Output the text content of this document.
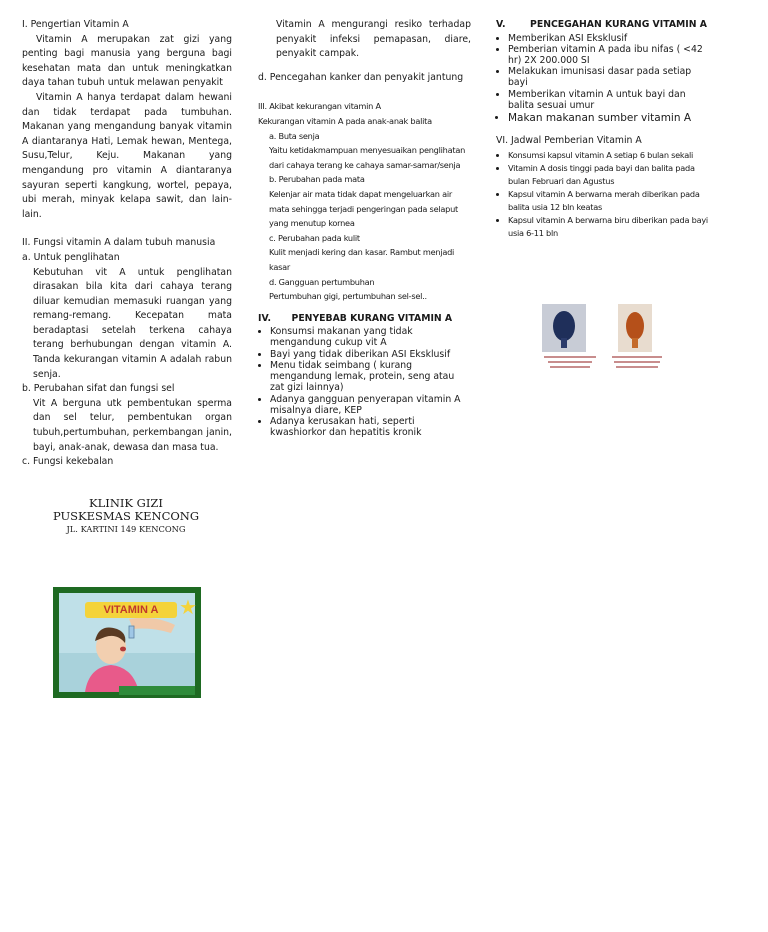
I. Pengertian Vitamin A

Vitamin A merupakan zat gizi yang penting bagi manusia yang berguna bagi kesehatan mata dan untuk meningkatkan daya tahan tubuh untuk melawan penyakit

Vitamin A hanya terdapat dalam hewani dan tidak terdapat pada tumbuhan. Makanan yang mengandung banyak vitamin A diantaranya Hati, Lemak hewan, Mentega, Susu,Telur, Keju. Makanan yang mengandung pro vitamin A diantaranya sayuran seperti kangkung, wortel, pepaya, ubi merah, minyak kelapa sawit, dan lain-lain.

II. Fungsi vitamin A dalam tubuh manusia

a. Untuk penglihatan

Kebutuhan vit A untuk penglihatan dirasakan bila kita dari cahaya terang diluar kemudian memasuki ruangan yang remang-remang. Kecepatan mata beradaptasi setelah terkena cahaya terang berhubungan dengan vitamin A. Tanda kekurangan vitamin A adalah rabun senja.

b. Perubahan sifat dan fungsi sel

Vit A berguna utk pembentukan sperma dan sel telur, pembentukan organ tubuh,pertumbuhan, perkembangan janin, bayi, anak-anak, dewasa dan masa tua.

c. Fungsi kekebalan

Vitamin A mengurangi resiko terhadap penyakit infeksi pemapasan, diare, penyakit campak.

d. Pencegahan kanker dan penyakit jantung

III. Akibat kekurangan vitamin A

Kekurangan vitamin A pada anak-anak balita

a. Buta senja

Yaitu ketidakmampuan menyesuaikan penglihatan dari cahaya terang ke cahaya samar-samar/senja

b. Perubahan pada mata

Kelenjar air mata tidak dapat mengeluarkan air mata sehingga terjadi pengeringan pada selaput yang menutup kornea

c. Perubahan pada kulit

Kulit menjadi kering dan kasar. Rambut menjadi kasar

d. Gangguan pertumbuhan

Pertumbuhan gigi, pertumbuhan sel-sel..

IV. PENYEBAB KURANG VITAMIN A

• Konsumsi makanan yang tidak mengandung cukup vit A
• Bayi yang tidak diberikan ASI Eksklusif
• Menu tidak seimbang ( kurang mengandung lemak, protein, seng atau zat gizi lainnya)
• Adanya gangguan penyerapan vitamin A misalnya diare, KEP
• Adanya kerusakan hati, seperti kwashiorkor dan hepatitis kronik

V.	PENCEGAHAN KURANG VITAMIN A

• Memberikan ASI Eksklusif
• Pemberian vitamin A pada ibu nifas ( <42 hr) 2X 200.000 SI
• Melakukan imunisasi dasar pada setiap bayi
• Memberikan vitamin A untuk bayi dan balita sesuai umur
• Makan makanan sumber vitamin A

VI. Jadwal Pemberian Vitamin A

• Konsumsi kapsul vitamin A setiap 6 bulan sekali
• Vitamin A dosis tinggi pada bayi dan balita pada bulan Februari dan Agustus
• Kapsul vitamin A berwarna merah diberikan pada balita usia 12 bln keatas
• Kapsul vitamin A berwarna biru diberikan pada bayi usia 6-11 bln
KLINIK GIZI
PUSKESMAS KENCONG
JL. KARTINI 149 KENCONG
VITAMIN A	★
